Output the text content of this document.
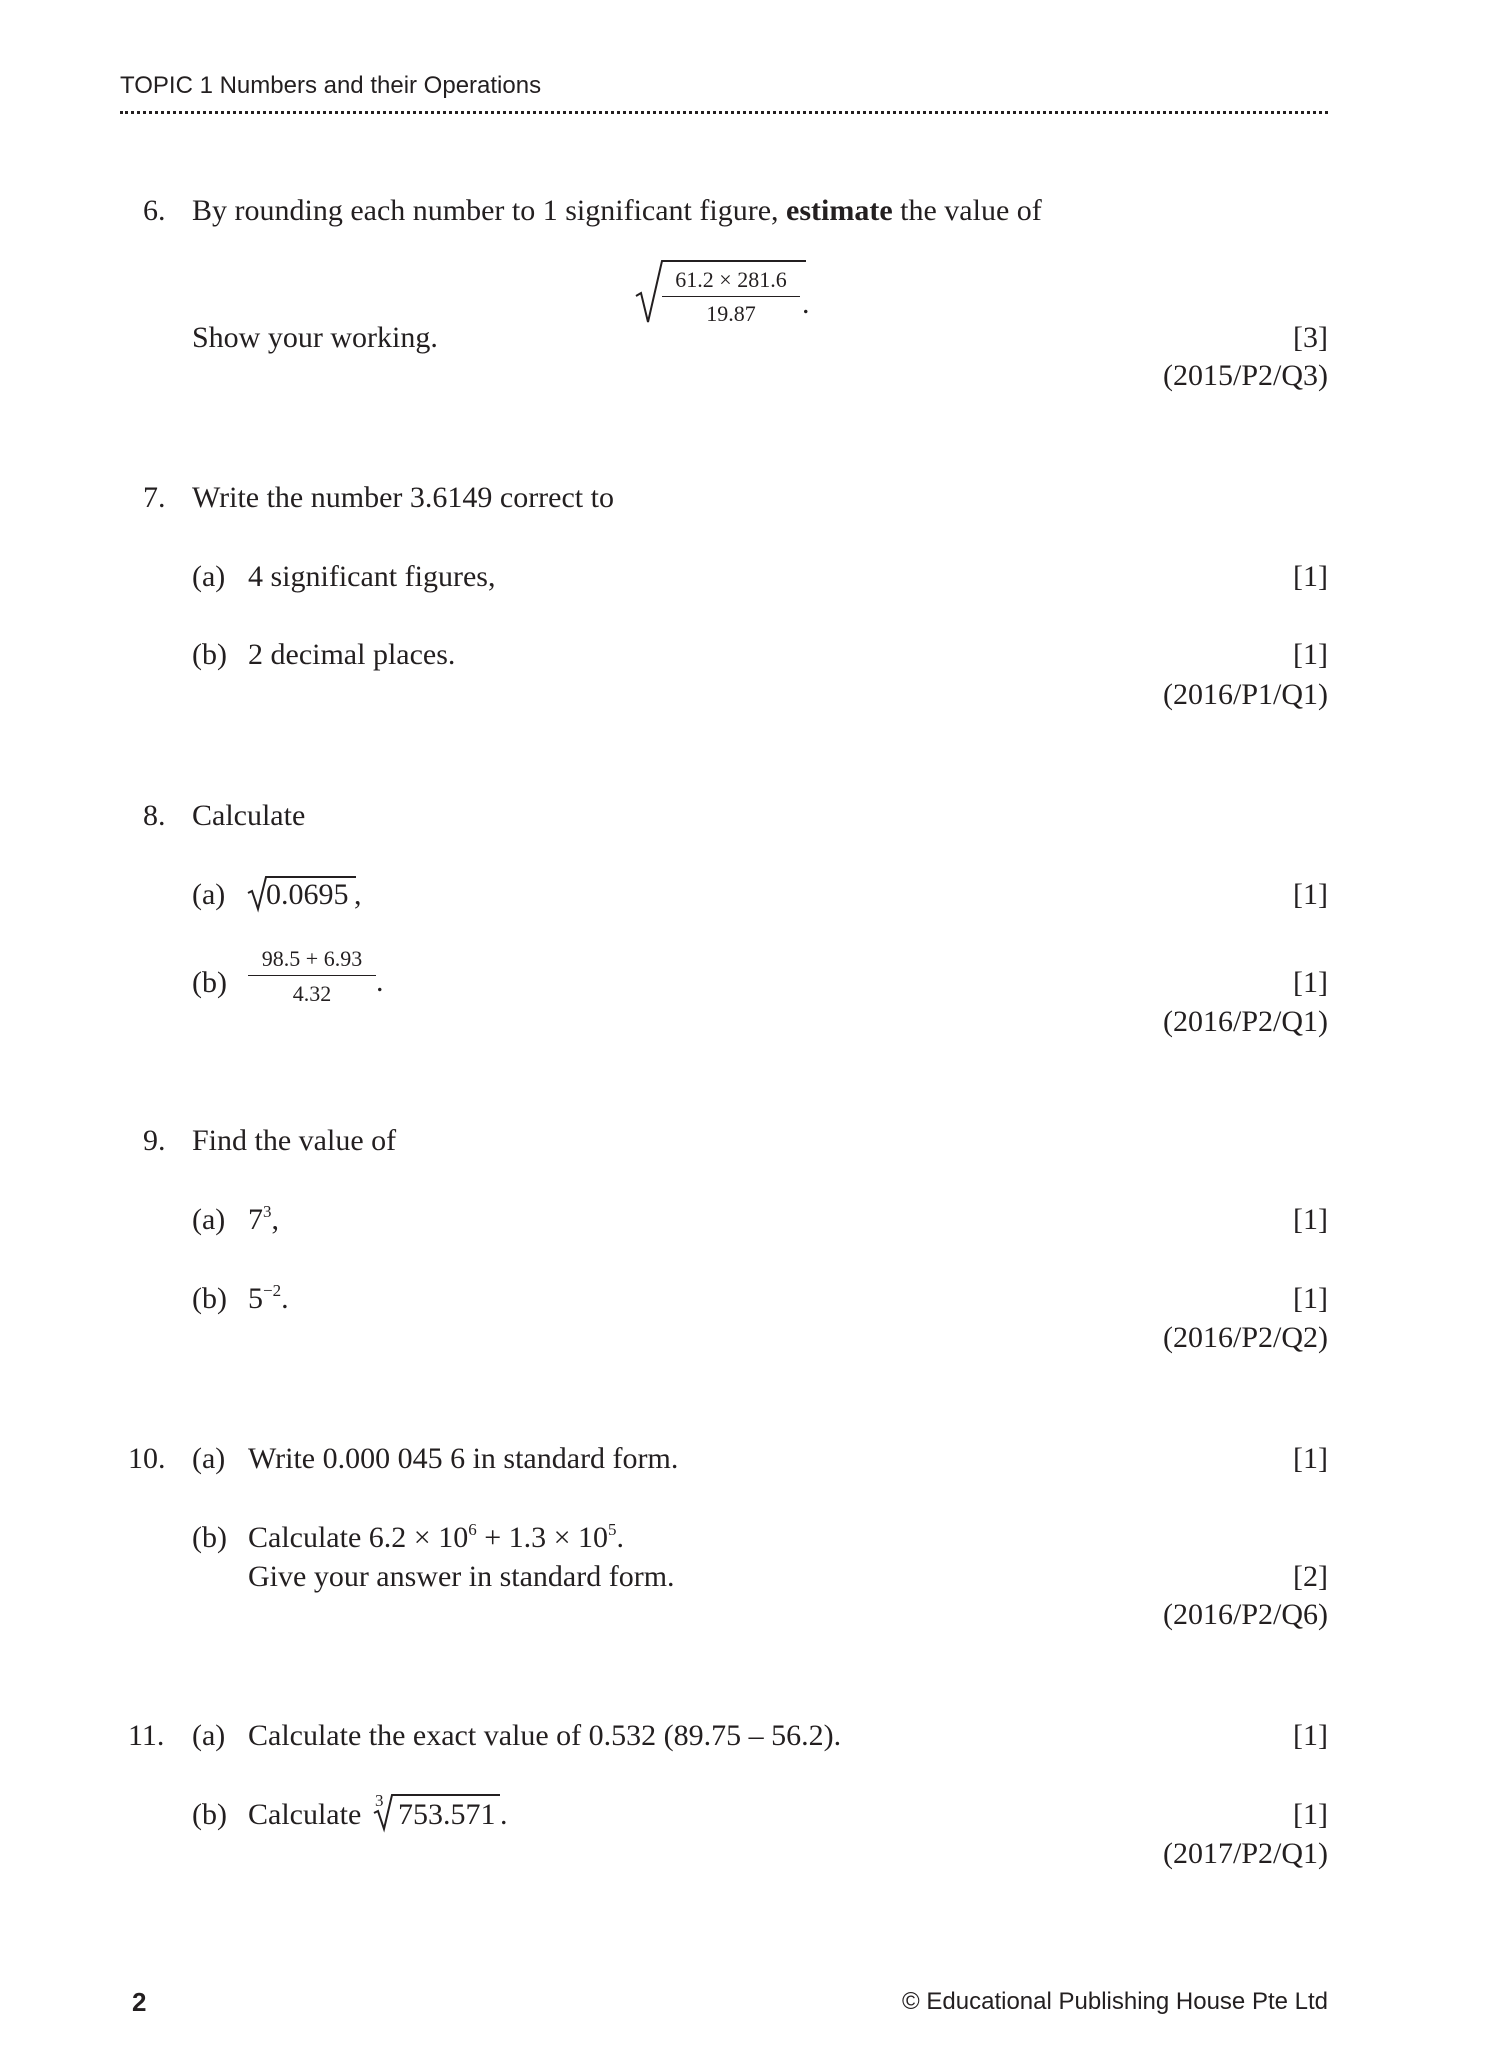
TOPIC 1 Numbers and their Operations
6. By rounding each number to 1 significant figure, estimate the value of
61.2 × 281.6
19.87	.
Show your working.	[3]
(2015/P2/Q3)
7. Write the number 3.6149 correct to
(a) 4 significant figures,	[1]
(b) 2 decimal places.	[1]
(2016/P1/Q1)
8. Calculate
(a) 0.0695 ,	[1]
(b)
98.5 + 6.93
4.32	.	[1]
(2016/P2/Q1)
9. Find the value of
(a) $7^3$,	[1]
(b) $5^{-2}$.	[1]
(2016/P2/Q2)
10. (a) Write 0.000 045 6 in standard form.	[1]
(b) Calculate $6.2 \times 10^6 + 1.3 \times 10^5$.
Give your answer in standard form.	[2]
(2016/P2/Q6)
11. (a) Calculate the exact value of 0.532 (89.75 – 56.2).	[1]
(b) Calculate 3 753.571 .	[1]
(2017/P2/Q1)
2	© Educational Publishing House Pte Ltd
